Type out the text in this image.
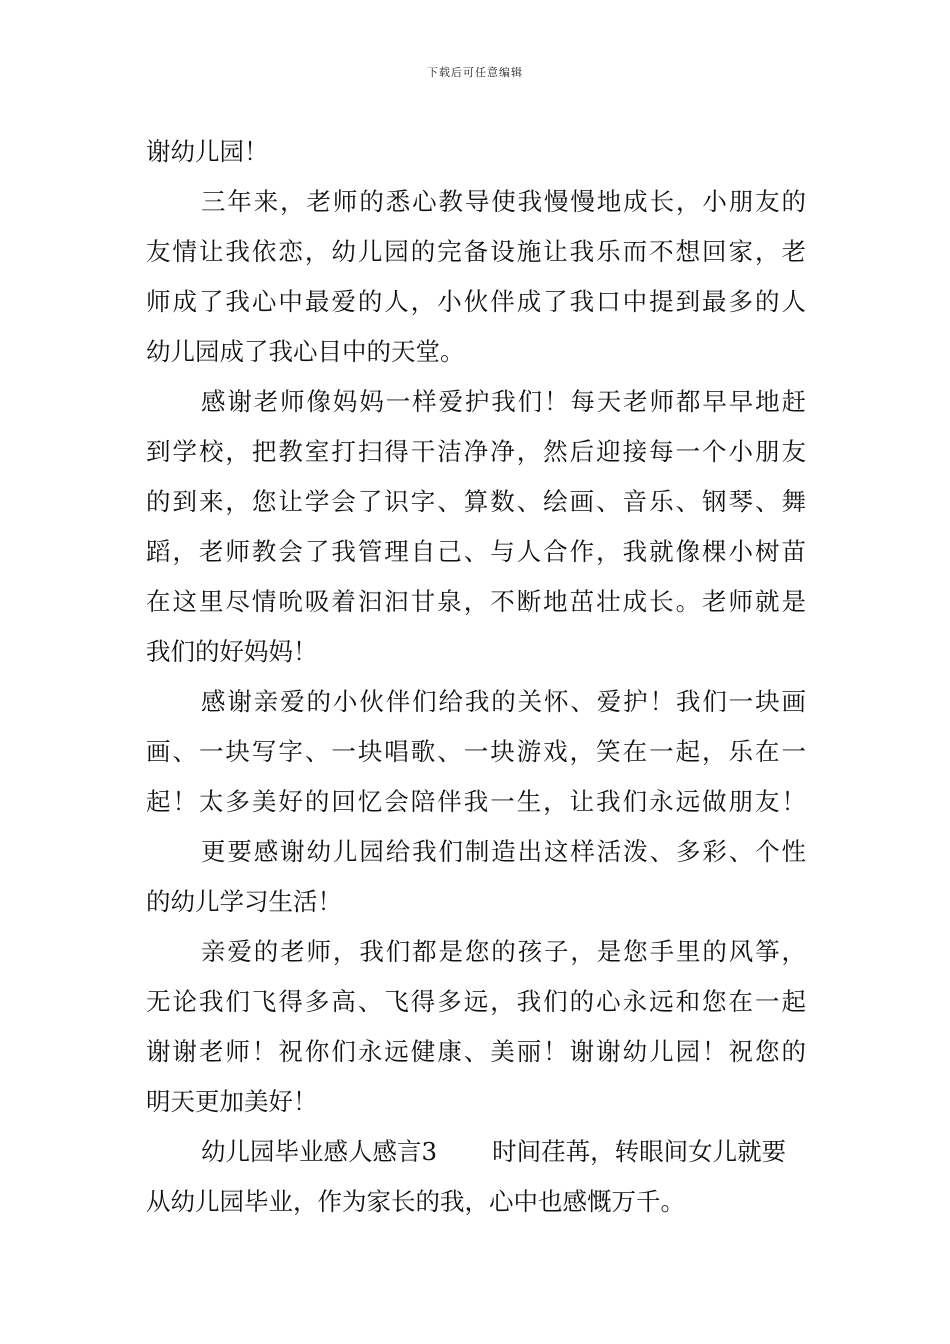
下载后可任意编辑
谢幼儿园！
三年来，老师的悉心教导使我慢慢地成长，小朋友的
友情让我依恋，幼儿园的完备设施让我乐而不想回家，老
师成了我心中最爱的人，小伙伴成了我口中提到最多的人
幼儿园成了我心目中的天堂。
感谢老师像妈妈一样爱护我们！每天老师都早早地赶
到学校，把教室打扫得干洁净净，然后迎接每一个小朋友
的到来，您让学会了识字、算数、绘画、音乐、钢琴、舞
蹈，老师教会了我管理自己、与人合作，我就像棵小树苗
在这里尽情吮吸着汩汩甘泉，不断地茁壮成长。老师就是
我们的好妈妈！
感谢亲爱的小伙伴们给我的关怀、爱护！我们一块画
画、一块写字、一块唱歌、一块游戏，笑在一起，乐在一
起！太多美好的回忆会陪伴我一生，让我们永远做朋友！
更要感谢幼儿园给我们制造出这样活泼、多彩、个性
的幼儿学习生活！
亲爱的老师，我们都是您的孩子，是您手里的风筝，
无论我们飞得多高、飞得多远，我们的心永远和您在一起
谢谢老师！祝你们永远健康、美丽！谢谢幼儿园！祝您的
明天更加美好！
幼儿园毕业感人感言3 时间荏苒，转眼间女儿就要
从幼儿园毕业，作为家长的我，心中也感慨万千。
